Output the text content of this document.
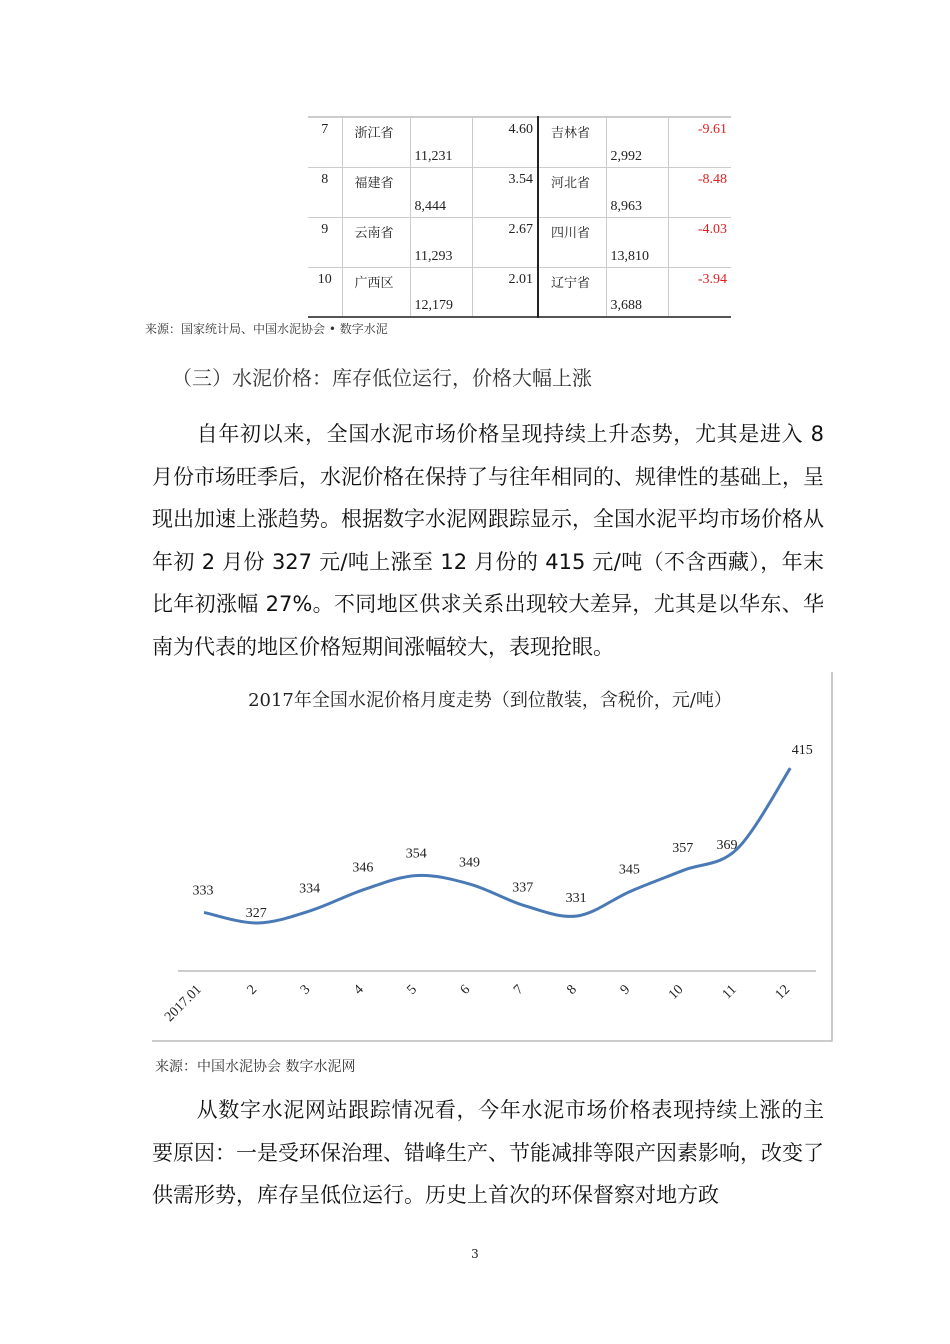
7	浙江省	11,231	4.60	吉林省	2,992	-9.61
8	福建省	8,444	3.54	河北省	8,963	-8.48
9	云南省	11,293	2.67	四川省	13,810	-4.03
10	广西区	12,179	2.01	辽宁省	3,688	-3.94
来源：国家统计局、中国水泥协会 • 数字水泥
（三）水泥价格：库存低位运行，价格大幅上涨
自年初以来，全国水泥市场价格呈现持续上升态势，尤其是进入 8 月份市场旺季后，水泥价格在保持了与往年相同的、规律性的基础上，呈现出加速上涨趋势。根据数字水泥网跟踪显示，全国水泥平均市场价格从年初 2 月份 327 元/吨上涨至 12 月份的 415 元/吨（不含西藏），年末比年初涨幅 27%。不同地区供求关系出现较大差异，尤其是以华东、华南为代表的地区价格短期间涨幅较大，表现抢眼。
2017年全国水泥价格月度走势（到位散装，含税价，元/吨）
333
2017.01
327
2
334
3
346
4
354
5
349
6
337
7
331
8
345
9
357
10
369
11
415
12
来源：中国水泥协会 数字水泥网
从数字水泥网站跟踪情况看，今年水泥市场价格表现持续上涨的主要原因：一是受环保治理、错峰生产、节能减排等限产因素影响，改变了供需形势，库存呈低位运行。历史上首次的环保督察对地方政
3
